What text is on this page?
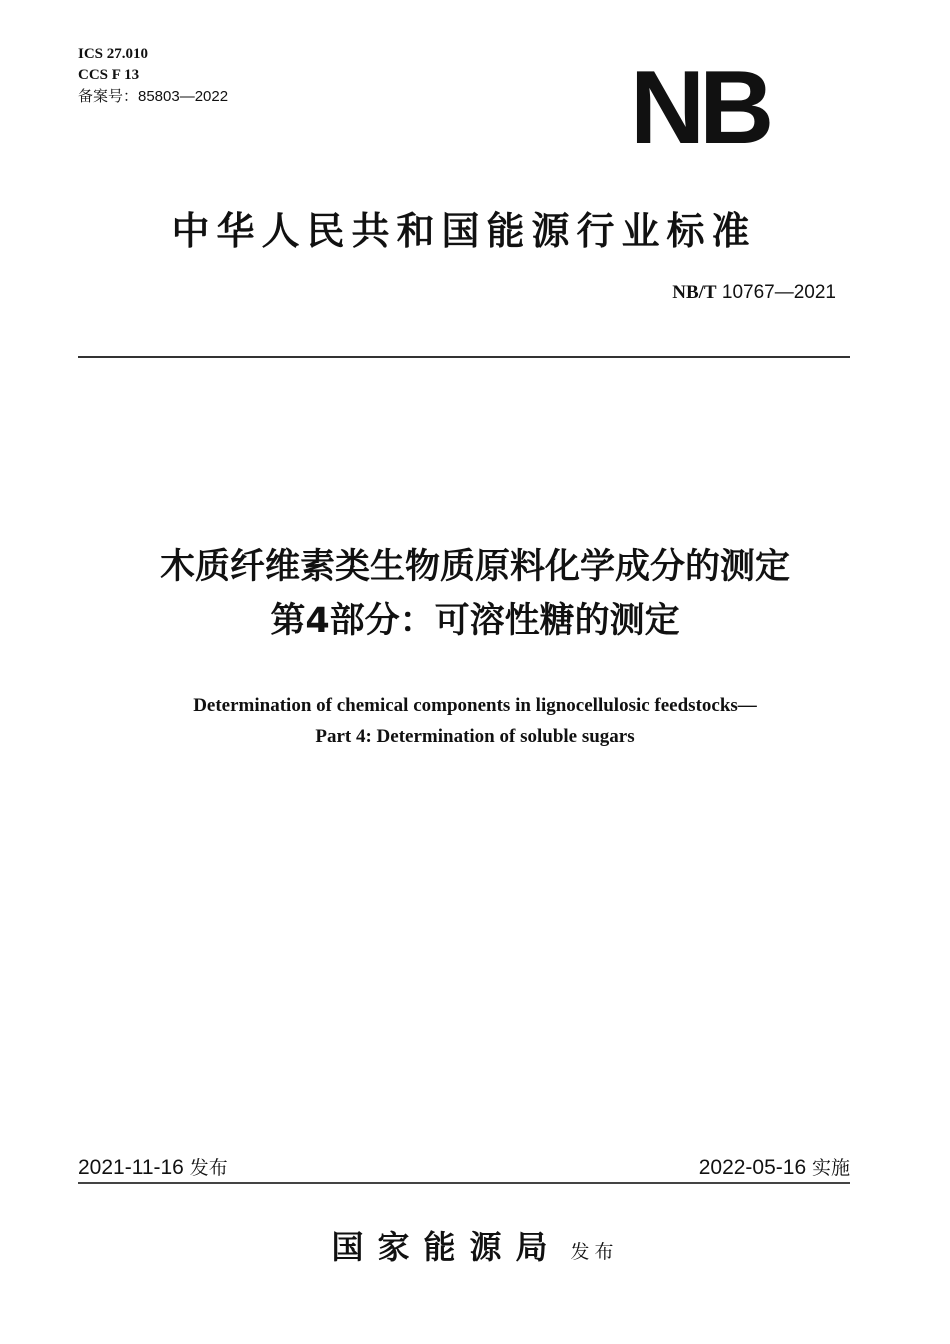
ICS 27.010
CCS F 13
备案号：85803—2022	NB
中华人民共和国能源行业标准
NB/T 10767—2021
木质纤维素类生物质原料化学成分的测定
第4部分：可溶性糖的测定
Determination of chemical components in lignocellulosic feedstocks—
Part 4: Determination of soluble sugars
2021-11-16 发布	2022-05-16 实施
国家能源局 发布
